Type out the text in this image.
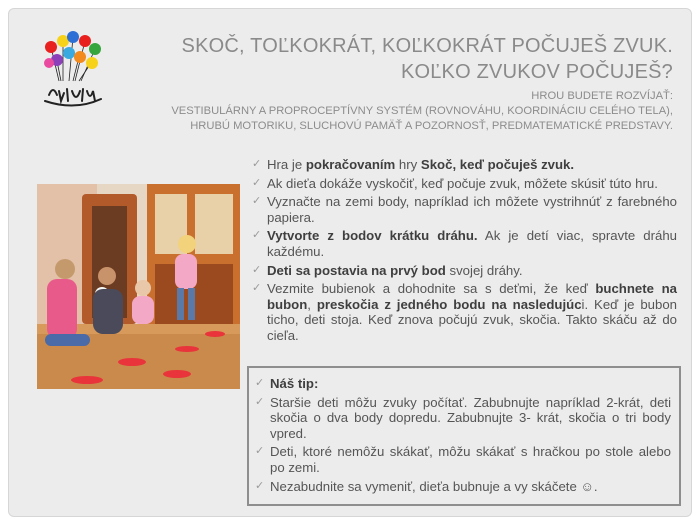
SKOČ, TOĽKOKRÁT, KOĽKOKRÁT POČUJEŠ ZVUK.
KOĽKO ZVUKOV POČUJEŠ?
HROU BUDETE ROZVÍJAŤ:
VESTIBULÁRNY A PROPROCEPTÍVNY SYSTÉM (ROVNOVÁHU, KOORDINÁCIU CELÉHO TELA),
HRUBÚ MOTORIKU, SLUCHOVÚ PAMÄŤ A POZORNOSŤ, PREDMATEMATICKÉ PREDSTAVY.
✓ Hra je pokračovaním hry Skoč, keď počuješ zvuk.
✓ Ak dieťa dokáže vyskočiť, keď počuje zvuk, môžete skúsiť túto hru.
✓ Vyznačte na zemi body, napríklad ich môžete vystrihnúť z farebného papiera.
✓ Vytvorte z bodov krátku dráhu. Ak je detí viac, spravte dráhu každému.
✓ Deti sa postavia na prvý bod svojej dráhy.
✓ Vezmite bubienok a dohodnite sa s deťmi, že keď buchnete na bubon, preskočia z jedného bodu na nasledujúci. Keď je bubon ticho, deti stoja. Keď znova počujú zvuk, skočia. Takto skáču až do cieľa.
✓ Náš tip:
✓ Staršie deti môžu zvuky počítať. Zabubnujte napríklad 2-krát, deti skočia o dva body dopredu. Zabubnujte 3- krát, skočia o tri body vpred.
✓ Deti, ktoré nemôžu skákať, môžu skákať s hračkou po stole alebo po zemi.
✓ Nezabudnite sa vymeniť, dieťa bubnuje a vy skáčete ☺.
